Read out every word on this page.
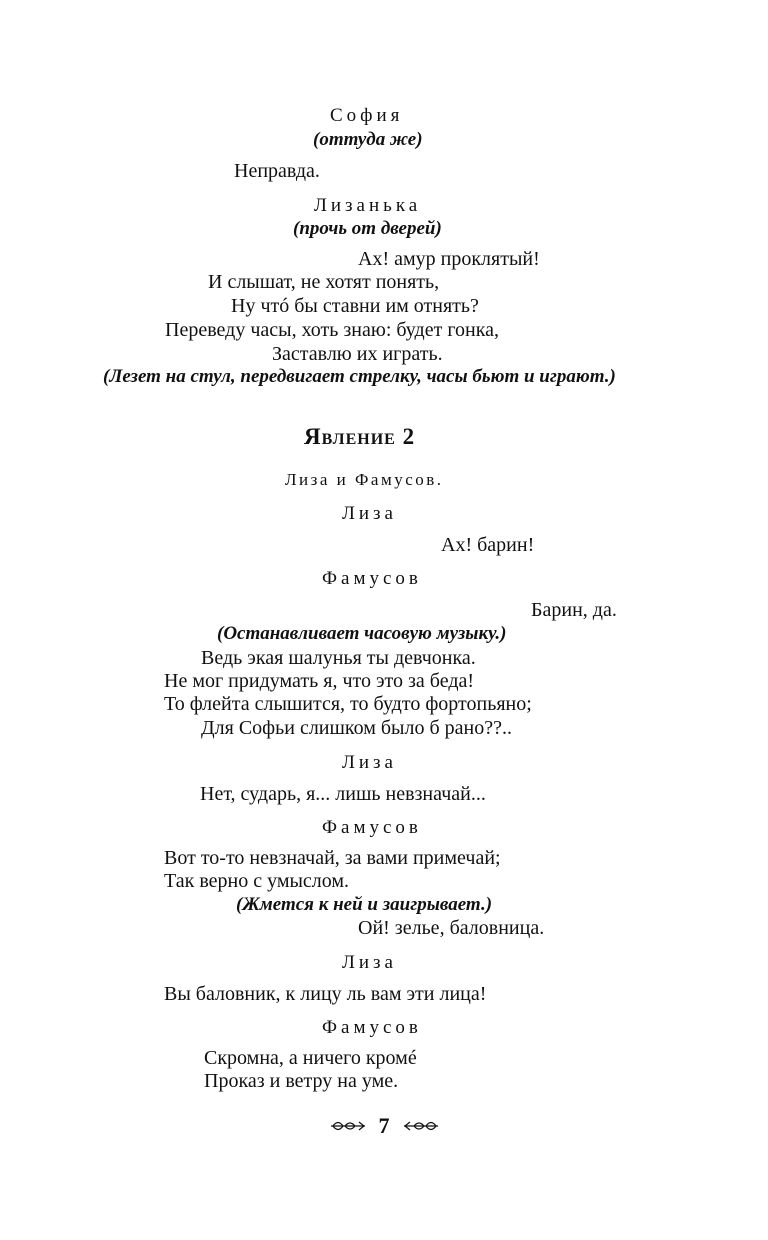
София
(оттуда же)
Неправда.
Лизанька
(прочь от дверей)
Ах! амур проклятый!
И слышат, не хотят понять,
Ну чтó бы ставни им отнять?
Переведу часы, хоть знаю: будет гонка,
Заставлю их играть.
(Лезет на стул, передвигает стрелку, часы бьют и играют.)
Явление 2
Лиза и Фамусов.
Лиза
Ах! барин!
Фамусов
Барин, да.
(Останавливает часовую музыку.)
Ведь экая шалунья ты девчонка.
Не мог придумать я, что это за беда!
То флейта слышится, то будто фортопьяно;
Для Софьи слишком было б рано??..
Лиза
Нет, сударь, я... лишь невзначай...
Фамусов
Вот то-то невзначай, за вами примечай;
Так верно с умыслом.
(Жмется к ней и заигрывает.)
Ой! зелье, баловница.
Лиза
Вы баловник, к лицу ль вам эти лица!
Фамусов
Скромна, а ничего кромé
Проказ и ветру на уме.
7
